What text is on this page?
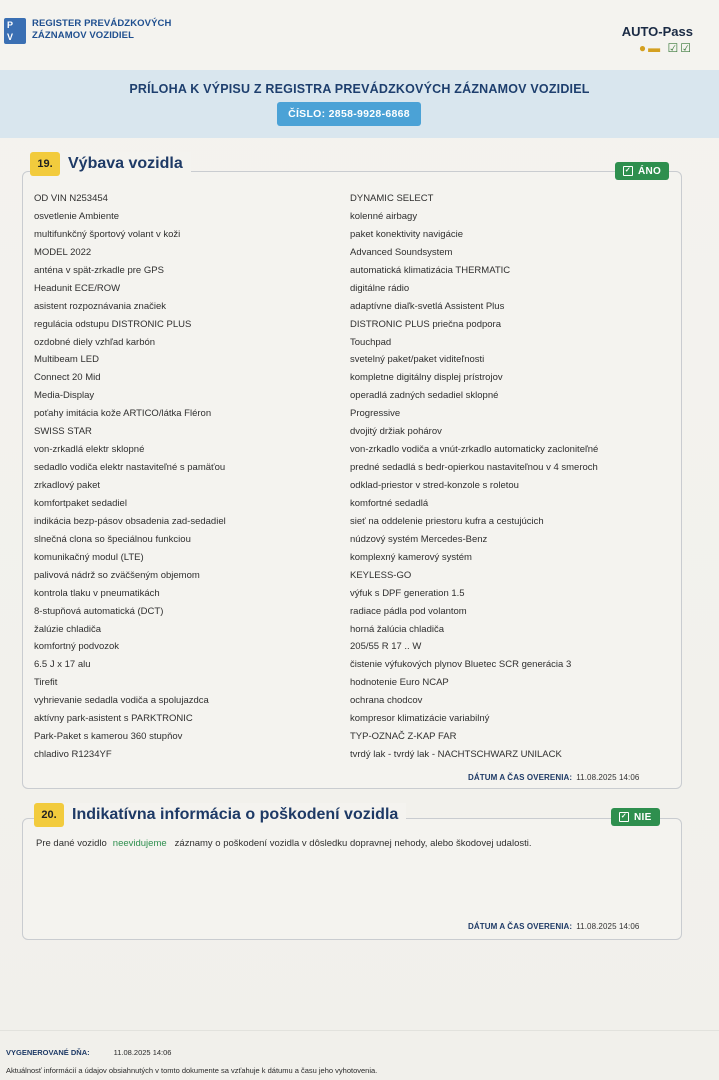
P
V
REGISTER PREVÁDZKOVÝCH
ZÁZNAMOV VOZIDIEL	AUTO-Pass
●▬ ☑☑
PRÍLOHA K VÝPISU Z REGISTRA PREVÁDZKOVÝCH ZÁZNAMOV VOZIDIEL
ČÍSLO: 2858-9928-6868
19. Výbava vozidla	✓ ÁNO
OD VIN N253454	DYNAMIC SELECT
osvetlenie Ambiente	kolenné airbagy
multifunkčný športový volant v koži	paket konektivity navigácie
MODEL 2022	Advanced Soundsystem
anténa v spät-zrkadle pre GPS	automatická klimatizácia THERMATIC
Headunit ECE/ROW	digitálne rádio
asistent rozpoznávania značiek	adaptívne diaľk-svetlá Assistent Plus
regulácia odstupu DISTRONIC PLUS	DISTRONIC PLUS priečna podpora
ozdobné diely vzhľad karbón	Touchpad
Multibeam LED	svetelný paket/paket viditeľnosti
Connect 20 Mid	kompletne digitálny displej prístrojov
Media-Display	operadlá zadných sedadiel sklopné
poťahy imitácia kože ARTICO/látka Fléron	Progressive
SWISS STAR	dvojitý držiak pohárov
von-zrkadlá elektr sklopné	von-zrkadlo vodiča a vnút-zrkadlo automaticky zacloniteľné
sedadlo vodiča elektr nastaviteľné s pamäťou	predné sedadlá s bedr-opierkou nastaviteľnou v 4 smeroch
zrkadlový paket	odklad-priestor v stred-konzole s roletou
komfortpaket sedadiel	komfortné sedadlá
indikácia bezp-pásov obsadenia zad-sedadiel	sieť na oddelenie priestoru kufra a cestujúcich
slnečná clona so špeciálnou funkciou	núdzový systém Mercedes-Benz
komunikačný modul (LTE)	komplexný kamerový systém
palivová nádrž so zväčšeným objemom	KEYLESS-GO
kontrola tlaku v pneumatikách	výfuk s DPF generation 1.5
8-stupňová automatická (DCT)	radiace pádla pod volantom
žalúzie chladiča	horná žalúcia chladiča
komfortný podvozok	205/55 R 17 .. W
6.5 J x 17 alu	čistenie výfukových plynov Bluetec SCR generácia 3
Tirefit	hodnotenie Euro NCAP
vyhrievanie sedadla vodiča a spolujazdca	ochrana chodcov
aktívny park-asistent s PARKTRONIC	kompresor klimatizácie variabilný
Park-Paket s kamerou 360 stupňov	TYP-OZNAČ Z-KAP FAR
chladivo R1234YF	tvrdý lak - tvrdý lak - NACHTSCHWARZ UNILACK
DÁTUM A ČAS OVERENIA: 11.08.2025 14:06
20. Indikatívna informácia o poškodení vozidla	✓ NIE
Pre dané vozidlo neevidujeme záznamy o poškodení vozidla v dôsledku dopravnej nehody, alebo škodovej udalosti.
DÁTUM A ČAS OVERENIA: 11.08.2025 14:06
VYGENEROVANÉ DŇA:	11.08.2025 14:06
Aktuálnosť informácií a údajov obsiahnutých v tomto dokumente sa vzťahuje k dátumu a času jeho vyhotovenia.
